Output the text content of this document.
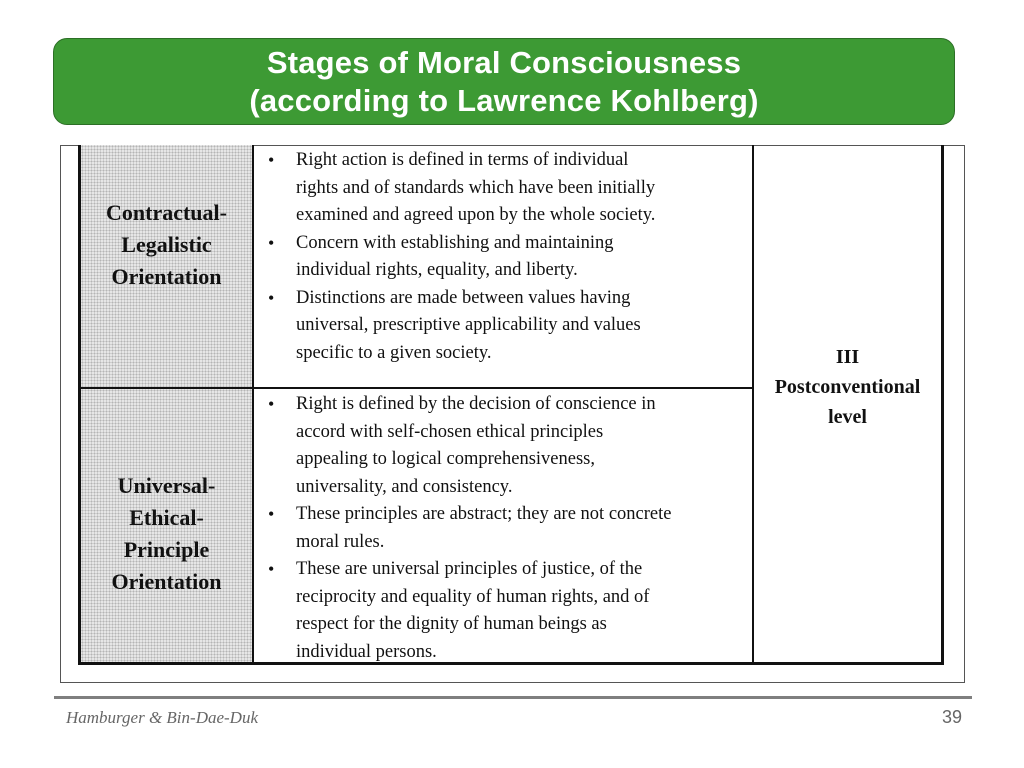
Stages of Moral Consciousness
(according to Lawrence Kohlberg)
Contractual-
Legalistic
Orientation
• Right action is defined in terms of individual
rights and of standards which have been initially
examined and agreed upon by the whole society.
• Concern with establishing and maintaining
individual rights, equality, and liberty.
• Distinctions are made between values having
universal, prescriptive applicability and values
specific to a given society.
Universal-
Ethical-
Principle
Orientation
• Right is defined by the decision of conscience in
accord with self-chosen ethical principles
appealing to logical comprehensiveness,
universality, and consistency.
• These principles are abstract; they are not concrete
moral rules.
• These are universal principles of justice, of the
reciprocity and equality of human rights, and of
respect for the dignity of human beings as
individual persons.
III
Postconventional
level
Hamburger & Bin-Dae-Duk	39
